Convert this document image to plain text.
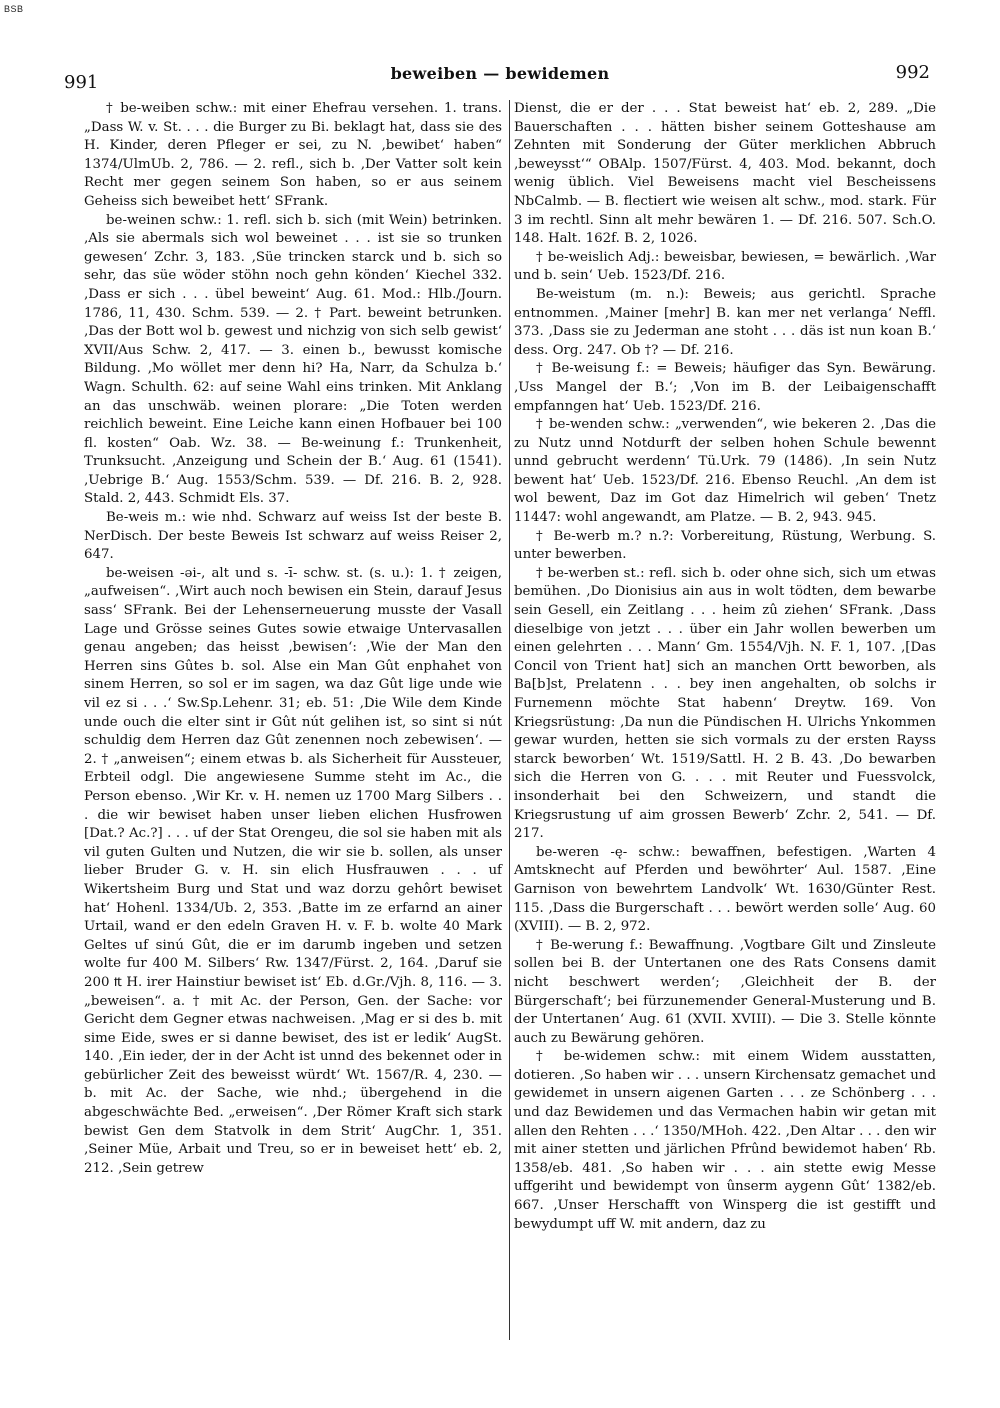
BSB
991	beweiben — bewidemen	992

† be-weiben schw.: mit einer Ehefrau versehen. 1. trans. „Dass W. v. St. . . . die Burger zu Bi. beklagt hat, dass sie des H. Kinder, deren Pfleger er sei, zu N. ‚bewibet‘ haben“ 1374/UlmUb. 2, 786. — 2. refl., sich b. ‚Der Vatter solt kein Recht mer gegen seinem Son haben, so er aus seinem Geheiss sich beweibet hett‘ SFrank.

be-weinen schw.: 1. refl. sich b. sich (mit Wein) betrinken. ‚Als sie abermals sich wol beweinet . . . ist sie so trunken gewesen‘ Zchr. 3, 183. ‚Süe trincken starck und b. sich so sehr, das süe wöder stöhn noch gehn könden‘ Kiechel 332. ‚Dass er sich . . . übel beweint‘ Aug. 61. Mod.: Hlb./Journ. 1786, 11, 430. Schm. 539. — 2. † Part. beweint betrunken. ‚Das der Bott wol b. gewest und nichzig von sich selb gewist‘ XVII/Aus Schw. 2, 417. — 3. einen b., bewusst komische Bildung. ‚Mo wöllet mer denn hi? Ha, Narr, da Schulza b.‘ Wagn. Schulth. 62: auf seine Wahl eins trinken. Mit Anklang an das unschwäb. weinen plorare: „Die Toten werden reichlich beweint. Eine Leiche kann einen Hofbauer bei 100 fl. kosten“ Oab. Wz. 38. — Be-weinung f.: Trunkenheit, Trunksucht. ‚Anzeigung und Schein der B.‘ Aug. 61 (1541). ‚Uebrige B.‘ Aug. 1553/Schm. 539. — Df. 216. B. 2, 928. Stald. 2, 443. Schmidt Els. 37.

Be-weis m.: wie nhd. Schwarz auf weiss Ist der beste B. NerDisch. Der beste Beweis Ist schwarz auf weiss Reiser 2, 647.

be-weisen -əi-, alt und s. -ī- schw. st. (s. u.): 1. † zeigen, „aufweisen“. ‚Wirt auch noch bewisen ein Stein, darauf Jesus sass‘ SFrank. Bei der Lehenserneuerung musste der Vasall Lage und Grösse seines Gutes sowie etwaige Untervasallen genau angeben; das heisst ‚bewisen‘: ‚Wie der Man den Herren sins Gûtes b. sol. Alse ein Man Gût enphahet von sinem Herren, so sol er im sagen, wa daz Gût lige unde wie vil ez si . . .‘ Sw.Sp.Lehenr. 31; eb. 51: ‚Die Wile dem Kinde unde ouch die elter sint ir Gût nút gelihen ist, so sint si nút schuldig dem Herren daz Gût zenennen noch zebewisen‘. — 2. † „anweisen“; einem etwas b. als Sicherheit für Aussteuer, Erbteil odgl. Die angewiesene Summe steht im Ac., die Person ebenso. ‚Wir Kr. v. H. nemen uz 1700 Marg Silbers . . . die wir bewiset haben unser lieben elichen Husfrowen [Dat.? Ac.?] . . . uf der Stat Orengeu, die sol sie haben mit als vil guten Gulten und Nutzen, die wir sie b. sollen, als unser lieber Bruder G. v. H. sin elich Husfrauwen . . . uf Wikertsheim Burg und Stat und waz dorzu gehôrt bewiset hat‘ Hohenl. 1334/Ub. 2, 353. ‚Batte im ze erfarnd an ainer Urtail, wand er den edeln Graven H. v. F. b. wolte 40 Mark Geltes uf sinú Gût, die er im darumb ingeben und setzen wolte fur 400 M. Silbers‘ Rw. 1347/Fürst. 2, 164. ‚Daruf sie 200 ₶ H. irer Hainstiur bewiset ist‘ Eb. d.Gr./Vjh. 8, 116. — 3. „beweisen“. a. † mit Ac. der Person, Gen. der Sache: vor Gericht dem Gegner etwas nachweisen. ‚Mag er si des b. mit sime Eide, swes er si danne bewiset, des ist er ledik‘ AugSt. 140. ‚Ein ieder, der in der Acht ist unnd des bekennet oder in gebürlicher Zeit des beweisst würdt‘ Wt. 1567/R. 4, 230. — b. mit Ac. der Sache, wie nhd.; übergehend in die abgeschwächte Bed. „erweisen“. ‚Der Römer Kraft sich stark bewist Gen dem Statvolk in dem Strit‘ AugChr. 1, 351. ‚Seiner Müe, Arbait und Treu, so er in beweiset hett‘ eb. 2, 212. ‚Sein getrew

Dienst, die er der . . . Stat beweist hat‘ eb. 2, 289. „Die Bauerschaften . . . hätten bisher seinem Gotteshause am Zehnten mit Sonderung der Güter merklichen Abbruch ‚beweysst‘“ OBAlp. 1507/Fürst. 4, 403. Mod. bekannt, doch wenig üblich. Viel Beweisens macht viel Bescheissens NbCalmb. — B. flectiert wie weisen alt schw., mod. stark. Für 3 im rechtl. Sinn alt mehr bewären 1. — Df. 216. 507. Sch.O. 148. Halt. 162f. B. 2, 1026.

† be-weislich Adj.: beweisbar, bewiesen, = bewärlich. ‚War und b. sein‘ Ueb. 1523/Df. 216.

Be-weistum (m. n.): Beweis; aus gerichtl. Sprache entnommen. ‚Mainer [mehr] B. kan mer net verlanga‘ Neffl. 373. ‚Dass sie zu Jederman ane stoht . . . däs ist nun koan B.‘ dess. Org. 247. Ob †? — Df. 216.

† Be-weisung f.: = Beweis; häufiger das Syn. Bewärung. ‚Uss Mangel der B.‘; ‚Von im B. der Leibaigenschafft empfanngen hat‘ Ueb. 1523/Df. 216.

† be-wenden schw.: „verwenden“, wie bekeren 2. ‚Das die zu Nutz unnd Notdurft der selben hohen Schule bewennt unnd gebrucht werdenn‘ Tü.Urk. 79 (1486). ‚In sein Nutz bewent hat‘ Ueb. 1523/Df. 216. Ebenso Reuchl. ‚An dem ist wol bewent, Daz im Got daz Himelrich wil geben‘ Tnetz 11447: wohl angewandt, am Platze. — B. 2, 943. 945.

† Be-werb m.? n.?: Vorbereitung, Rüstung, Werbung. S. unter bewerben.

† be-werben st.: refl. sich b. oder ohne sich, sich um etwas bemühen. ‚Do Dionisius ain aus in wolt tödten, dem bewarbe sein Gesell, ein Zeitlang . . . heim zû ziehen‘ SFrank. ‚Dass dieselbige von jetzt . . . über ein Jahr wollen bewerben um einen gelehrten . . . Mann‘ Gm. 1554/Vjh. N. F. 1, 107. ‚[Das Concil von Trient hat] sich an manchen Ortt beworben, als Ba[b]st, Prelatenn . . . bey inen angehalten, ob solchs ir Furnemenn möchte Stat habenn‘ Dreytw. 169. Von Kriegsrüstung: ‚Da nun die Pündischen H. Ulrichs Ynkommen gewar wurden, hetten sie sich vormals zu der ersten Rayss starck beworben‘ Wt. 1519/Sattl. H. 2 B. 43. ‚Do bewarben sich die Herren von G. . . . mit Reuter und Fuessvolck, insonderhait bei den Schweizern, und standt die Kriegsrustung uf aim grossen Bewerb‘ Zchr. 2, 541. — Df. 217.

be-weren -ę- schw.: bewaffnen, befestigen. ‚Warten 4 Amtsknecht auf Pferden und bewöhrter‘ Aul. 1587. ‚Eine Garnison von bewehrtem Landvolk‘ Wt. 1630/Günter Rest. 115. ‚Dass die Burgerschaft . . . bewört werden solle‘ Aug. 60 (XVIII). — B. 2, 972.

† Be-werung f.: Bewaffnung. ‚Vogtbare Gilt und Zinsleute sollen bei B. der Untertanen one des Rats Consens damit nicht beschwert werden‘; ‚Gleichheit der B. der Bürgerschaft‘; bei fürzunemender General-Musterung und B. der Untertanen‘ Aug. 61 (XVII. XVIII). — Die 3. Stelle könnte auch zu Bewärung gehören.

† be-widemen schw.: mit einem Widem ausstatten, dotieren. ‚So haben wir . . . unsern Kirchensatz gemachet und gewidemet in unsern aigenen Garten . . . ze Schönberg . . . und daz Bewidemen und das Vermachen habin wir getan mit allen den Rehten . . .‘ 1350/MHoh. 422. ‚Den Altar . . . den wir mit ainer stetten und järlichen Pfrûnd bewidemot haben‘ Rb. 1358/eb. 481. ‚So haben wir . . . ain stette ewig Messe uffgeriht und bewidempt von ûnserm aygenn Gût‘ 1382/eb. 667. ‚Unser Herschafft von Winsperg die ist gestifft und bewydumpt uff W. mit andern, daz zu
